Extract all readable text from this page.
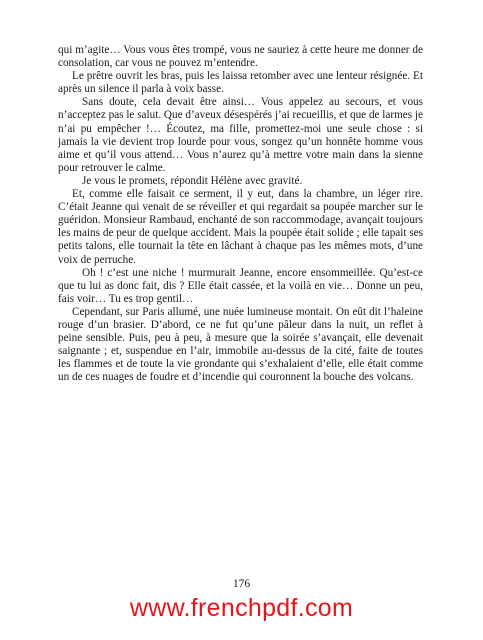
qui m’agite… Vous vous êtes trompé, vous ne sauriez à cette heure me donner de consolation, car vous ne pouvez m’entendre.

Le prêtre ouvrit les bras, puis les laissa retomber avec une lenteur résignée. Et après un silence il parla à voix basse.

Sans doute, cela devait être ainsi… Vous appelez au secours, et vous n’acceptez pas le salut. Que d’aveux désespérés j’ai recueillis, et que de larmes je n’ai pu empêcher !… Écoutez, ma fille, promettez-moi une seule chose : si jamais la vie devient trop lourde pour vous, songez qu’un honnête homme vous aime et qu’il vous attend… Vous n’aurez qu’à mettre votre main dans la sienne pour retrouver le calme.

Je vous le promets, répondit Hélène avec gravité.

Et, comme elle faisait ce serment, il y eut, dans la chambre, un léger rire. C’était Jeanne qui venait de se réveiller et qui regardait sa poupée marcher sur le guéridon. Monsieur Rambaud, enchanté de son raccommodage, avançait toujours les mains de peur de quelque accident. Mais la poupée était solide ; elle tapait ses petits talons, elle tournait la tête en lâchant à chaque pas les mêmes mots, d’une voix de perruche.

Oh ! c’est une niche ! murmurait Jeanne, encore ensommeillée. Qu’est-ce que tu lui as donc fait, dis ? Elle était cassée, et la voilà en vie… Donne un peu, fais voir… Tu es trop gentil…

Cependant, sur Paris allumé, une nuée lumineuse montait. On eût dit l’haleine rouge d’un brasier. D’abord, ce ne fut qu’une pâleur dans la nuit, un reflet à peine sensible. Puis, peu à peu, à mesure que la soirée s’avançait, elle devenait saignante ; et, suspendue en l’air, immobile au-dessus de la cité, faite de toutes les flammes et de toute la vie grondante qui s’exhalaient d’elle, elle était comme un de ces nuages de foudre et d’incendie qui couronnent la bouche des volcans.

176
www.frenchpdf.com
